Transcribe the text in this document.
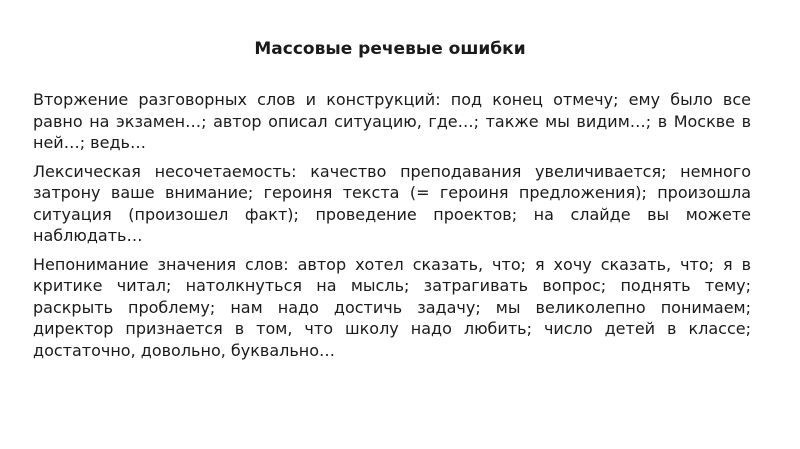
Массовые речевые ошибки

Вторжение разговорных слов и конструкций: под конец отмечу; ему было все равно на экзамен…; автор описал ситуацию, где…; также мы видим…; в Москве в ней…; ведь…

Лексическая несочетаемость: качество преподавания увеличивается; немного затрону ваше внимание; героиня текста (= героиня предложения); произошла ситуация (произошел факт); проведение проектов; на слайде вы можете наблюдать…

Непонимание значения слов: автор хотел сказать, что; я хочу сказать, что; я в критике читал; натолкнуться на мысль; затрагивать вопрос; поднять тему; раскрыть проблему; нам надо достичь задачу; мы великолепно понимаем; директор признается в том, что школу надо любить; число детей в классе; достаточно, довольно, буквально…
